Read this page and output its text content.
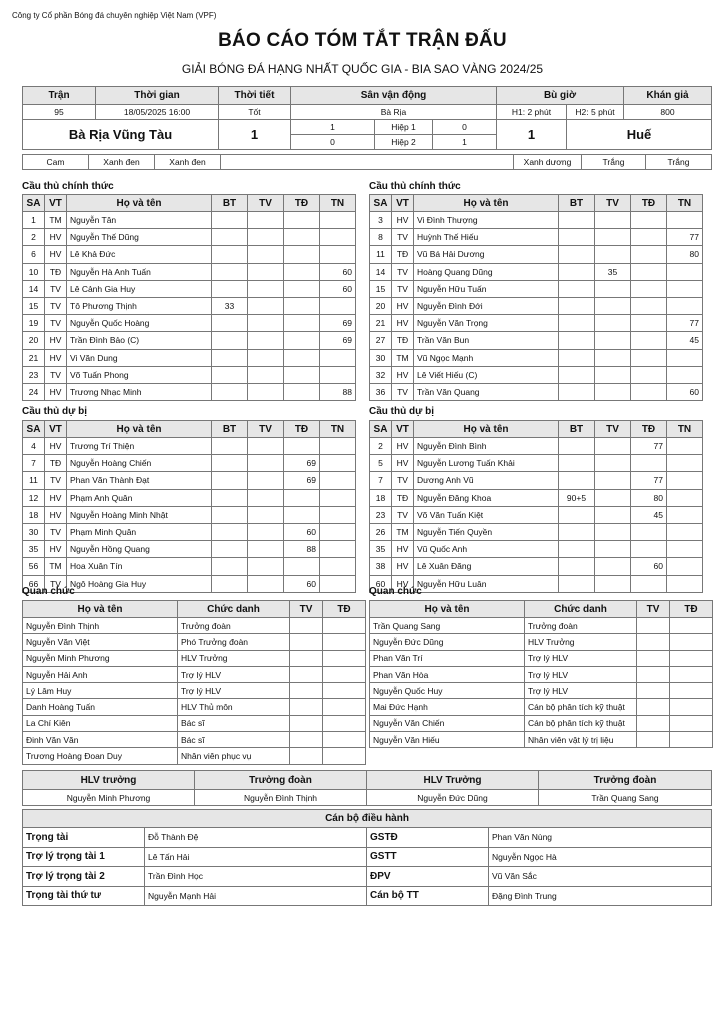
Công ty Cổ phần Bóng đá chuyên nghiệp Việt Nam (VPF)
BÁO CÁO TÓM TẮT TRẬN ĐẤU
GIẢI BÓNG ĐÁ HẠNG NHẤT QUỐC GIA - BIA SAO VÀNG 2024/25
Trận	Thời gian	Thời tiết	Sân vận động			Bù giờ		Khán giả
95	18/05/2025 16:00	Tốt	Bà Rịa			H1: 2 phút	H2: 5 phút	800
Bà Rịa Vũng Tàu		1	1	Hiệp 1	0	1	Huế	
			0	Hiệp 2	1			
Cam	Xanh đen	Xanh đen		Xanh dương	Trắng	Trắng
Cầu thủ chính thức	Cầu thủ chính thức
Cầu thủ dự bị	Cầu thủ dự bị
SA	VT	Họ và tên	BT	TV	TĐ	TN
1	TM	Nguyễn Tân				
2	HV	Nguyễn Thế Dũng				
6	HV	Lê Khả Đức				
10	TĐ	Nguyễn Hà Anh Tuấn				60
14	TV	Lê Cảnh Gia Huy				60
15	TV	Tô Phương Thịnh	33			
19	TV	Nguyễn Quốc Hoàng				69
20	HV	Trần Đình Bảo (C)				69
21	HV	Vi Văn Dung				
23	TV	Võ Tuấn Phong				
24	HV	Trương Nhạc Minh				88
SA	VT	Họ và tên	BT	TV	TĐ	TN
3	HV	Vi Đình Thượng				
8	TV	Huỳnh Thế Hiếu				77
11	TĐ	Vũ Bá Hải Dương				80
14	TV	Hoàng Quang Dũng		35		
15	TV	Nguyễn Hữu Tuấn				
20	HV	Nguyễn Đình Đới				
21	HV	Nguyễn Văn Trọng				77
27	TĐ	Trần Văn Bun				45
30	TM	Vũ Ngọc Mạnh				
32	HV	Lê Viết Hiếu (C)				
36	TV	Trần Văn Quang				60
SA	VT	Họ và tên	BT	TV	TĐ	TN
4	HV	Trương Trí Thiện				
7	TĐ	Nguyễn Hoàng Chiến			69	
11	TV	Phan Văn Thành Đạt			69	
12	HV	Phạm Anh Quân				
18	HV	Nguyễn Hoàng Minh Nhật				
30	TV	Phạm Minh Quân			60	
35	HV	Nguyễn Hồng Quang			88	
56	TM	Hoa Xuân Tín				
66	TV	Ngô Hoàng Gia Huy			60	
SA	VT	Họ và tên	BT	TV	TĐ	TN
2	HV	Nguyễn Đình Bình			77	
5	HV	Nguyễn Lương Tuấn Khải				
7	TV	Dương Anh Vũ			77	
18	TĐ	Nguyễn Đăng Khoa	90+5		80	
23	TV	Võ Văn Tuấn Kiệt			45	
26	TM	Nguyễn Tiến Quyền				
35	HV	Vũ Quốc Anh				
38	HV	Lê Xuân Đăng			60	
60	HV	Nguyễn Hữu Luân				
Quan chức	Quan chức
Họ và tên	Chức danh	TV	TĐ
Nguyễn Đình Thịnh	Trưởng đoàn		
Nguyễn Văn Việt	Phó Trưởng đoàn		
Nguyễn Minh Phương	HLV Trưởng		
Nguyễn Hải Anh	Trợ lý HLV		
Lý Lâm Huy	Trợ lý HLV		
Danh Hoàng Tuấn	HLV Thủ môn		
La Chí Kiên	Bác sĩ		
Đinh Văn Văn	Bác sĩ		
Trương Hoàng Đoan Duy	Nhân viên phục vụ		
Họ và tên	Chức danh	TV	TĐ
Trần Quang Sang	Trưởng đoàn		
Nguyễn Đức Dũng	HLV Trưởng		
Phan Văn Trí	Trợ lý HLV		
Phan Văn Hòa	Trợ lý HLV		
Nguyễn Quốc Huy	Trợ lý HLV		
Mai Đức Hạnh	Cán bộ phân tích kỹ thuật		
Nguyễn Văn Chiến	Cán bộ phân tích kỹ thuật		
Nguyễn Văn Hiếu	Nhân viên vật lý trị liệu		
HLV trưởng	Trưởng đoàn	HLV Trưởng	Trưởng đoàn
Nguyễn Minh Phương	Nguyễn Đình Thịnh	Nguyễn Đức Dũng	Trần Quang Sang
Cán bộ điều hành			
Trọng tài	Đỗ Thành Đệ	GSTĐ	Phan Văn Nùng
Trợ lý trọng tài 1	Lê Tấn Hải	GSTT	Nguyễn Ngọc Hà
Trợ lý trọng tài 2	Trần Đình Học	ĐPV	Vũ Văn Sắc
Trọng tài thứ tư	Nguyễn Mạnh Hải	Cán bộ TT	Đặng Đình Trung
